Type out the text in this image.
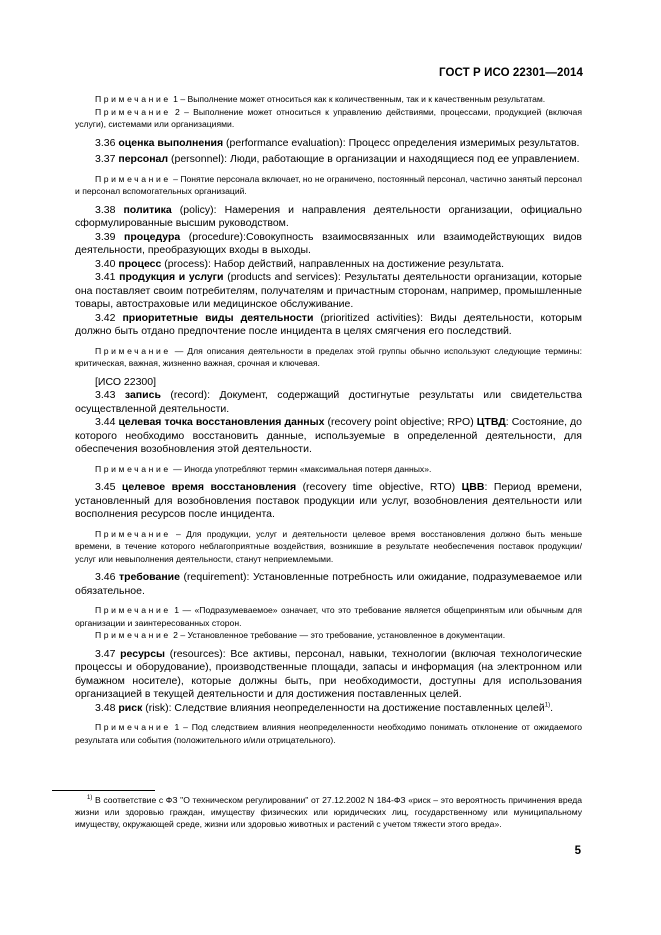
ГОСТ Р ИСО 22301—2014

Примечание 1 – Выполнение может относиться как к количественным, так и к качественным результатам.

Примечание 2 – Выполнение может относиться к управлению действиями, процессами, продукцией (включая услуги), системами или организациями.

3.36 оценка выполнения (performance evaluation): Процесс определения измеримых результатов.

3.37 персонал (personnel): Люди, работающие в организации и находящиеся под ее управлением.

Примечание – Понятие персонала включает, но не ограничено, постоянный персонал, частично занятый персонал и персонал вспомогательных организаций.

3.38 политика (policy): Намерения и направления деятельности организации, официально сформулированные высшим руководством.

3.39 процедура (procedure):Совокупность взаимосвязанных или взаимодействующих видов деятельности, преобразующих входы в выходы.

3.40 процесс (process): Набор действий, направленных на достижение результата.

3.41 продукция и услуги (products and services): Результаты деятельности организации, которые она поставляет своим потребителям, получателям и причастным сторонам, например, промышленные товары, автостраховые или медицинское обслуживание.

3.42 приоритетные виды деятельности (prioritized activities): Виды деятельности, которым должно быть отдано предпочтение после инцидента в целях смягчения его последствий.

Примечание — Для описания деятельности в пределах этой группы обычно используют следующие термины: критическая, важная, жизненно важная, срочная и ключевая.

[ИСО 22300]

3.43 запись (record): Документ, содержащий достигнутые результаты или свидетельства осуществленной деятельности.

3.44 целевая точка восстановления данных (recovery point objective; RPO) ЦТВД: Состояние, до которого необходимо восстановить данные, используемые в определенной деятельности, для обеспечения возобновления этой деятельности.

Примечание — Иногда употребляют термин «максимальная потеря данных».

3.45 целевое время восстановления (recovery time objective, RTO) ЦВВ: Период времени, установленный для возобновления поставок продукции или услуг, возобновления деятельности или восполнения ресурсов после инцидента.

Примечание – Для продукции, услуг и деятельности целевое время восстановления должно быть меньше времени, в течение которого неблагоприятные воздействия, возникшие в результате необеспечения поставок продукции/услуг или невыполнения деятельности, станут неприемлемыми.

3.46 требование (requirement): Установленные потребность или ожидание, подразумеваемое или обязательное.

Примечание 1 — «Подразумеваемое» означает, что это требование является общепринятым или обычным для организации и заинтересованных сторон.

Примечание 2 – Установленное требование — это требование, установленное в документации.

3.47 ресурсы (resources): Все активы, персонал, навыки, технологии (включая технологические процессы и оборудование), производственные площади, запасы и информация (на электронном или бумажном носителе), которые должны быть, при необходимости, доступны для использования организацией в текущей деятельности и для достижения поставленных целей.

3.48 риск (risk): Следствие влияния неопределенности на достижение поставленных целей$^{1)}$.

Примечание 1 – Под следствием влияния неопределенности необходимо понимать отклонение от ожидаемого результата или события (положительного и/или отрицательного).

$^{1)}$ В соответствие с ФЗ "О техническом регулировании" от 27.12.2002 N 184-ФЗ «риск – это вероятность причинения вреда жизни или здоровью граждан, имуществу физических или юридических лиц, государственному или муниципальному имуществу, окружающей среде, жизни или здоровью животных и растений с учетом тяжести этого вреда».

5
